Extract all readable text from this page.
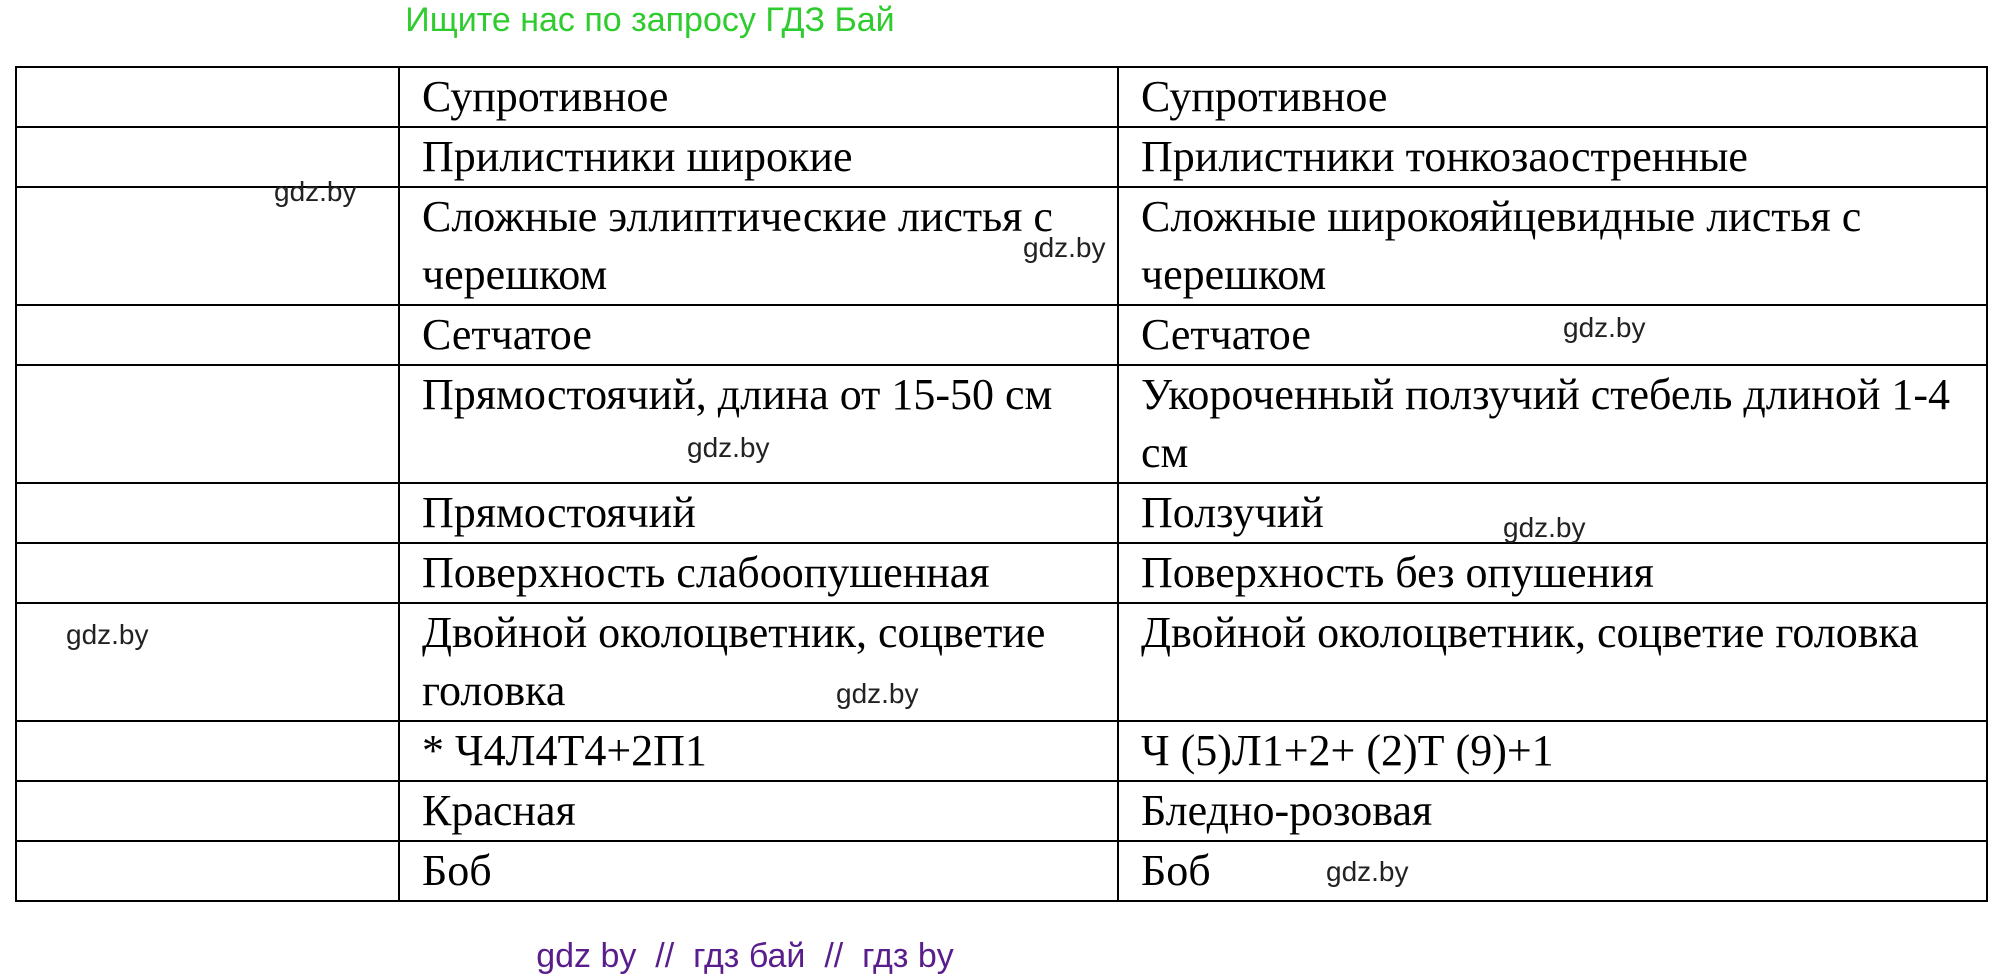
Ищите нас по запросу ГДЗ Бай
	Супротивное	Супротивное
	Прилистники широкие	Прилистники тонкозаостренные
	Сложные эллиптические листья с черешком	Сложные широкояйцевидные листья с черешком
	Сетчатое	Сетчатое
	Прямостоячий, длина от 15-50 см	Укороченный ползучий стебель длиной 1-4 см
	Прямостоячий	Ползучий
	Поверхность слабоопушенная	Поверхность без опушения
	Двойной околоцветник, соцветие головка	Двойной околоцветник, соцветие головка
	* Ч4Л4Т4+2П1	Ч (5)Л1+2+ (2)Т (9)+1
	Красная	Бледно-розовая
	Боб	Боб
gdz.by
gdz.by
gdz.by
gdz.by
gdz.by
gdz.by
gdz.by
gdz.by
gdz by  //  гдз бай  //  гдз by
